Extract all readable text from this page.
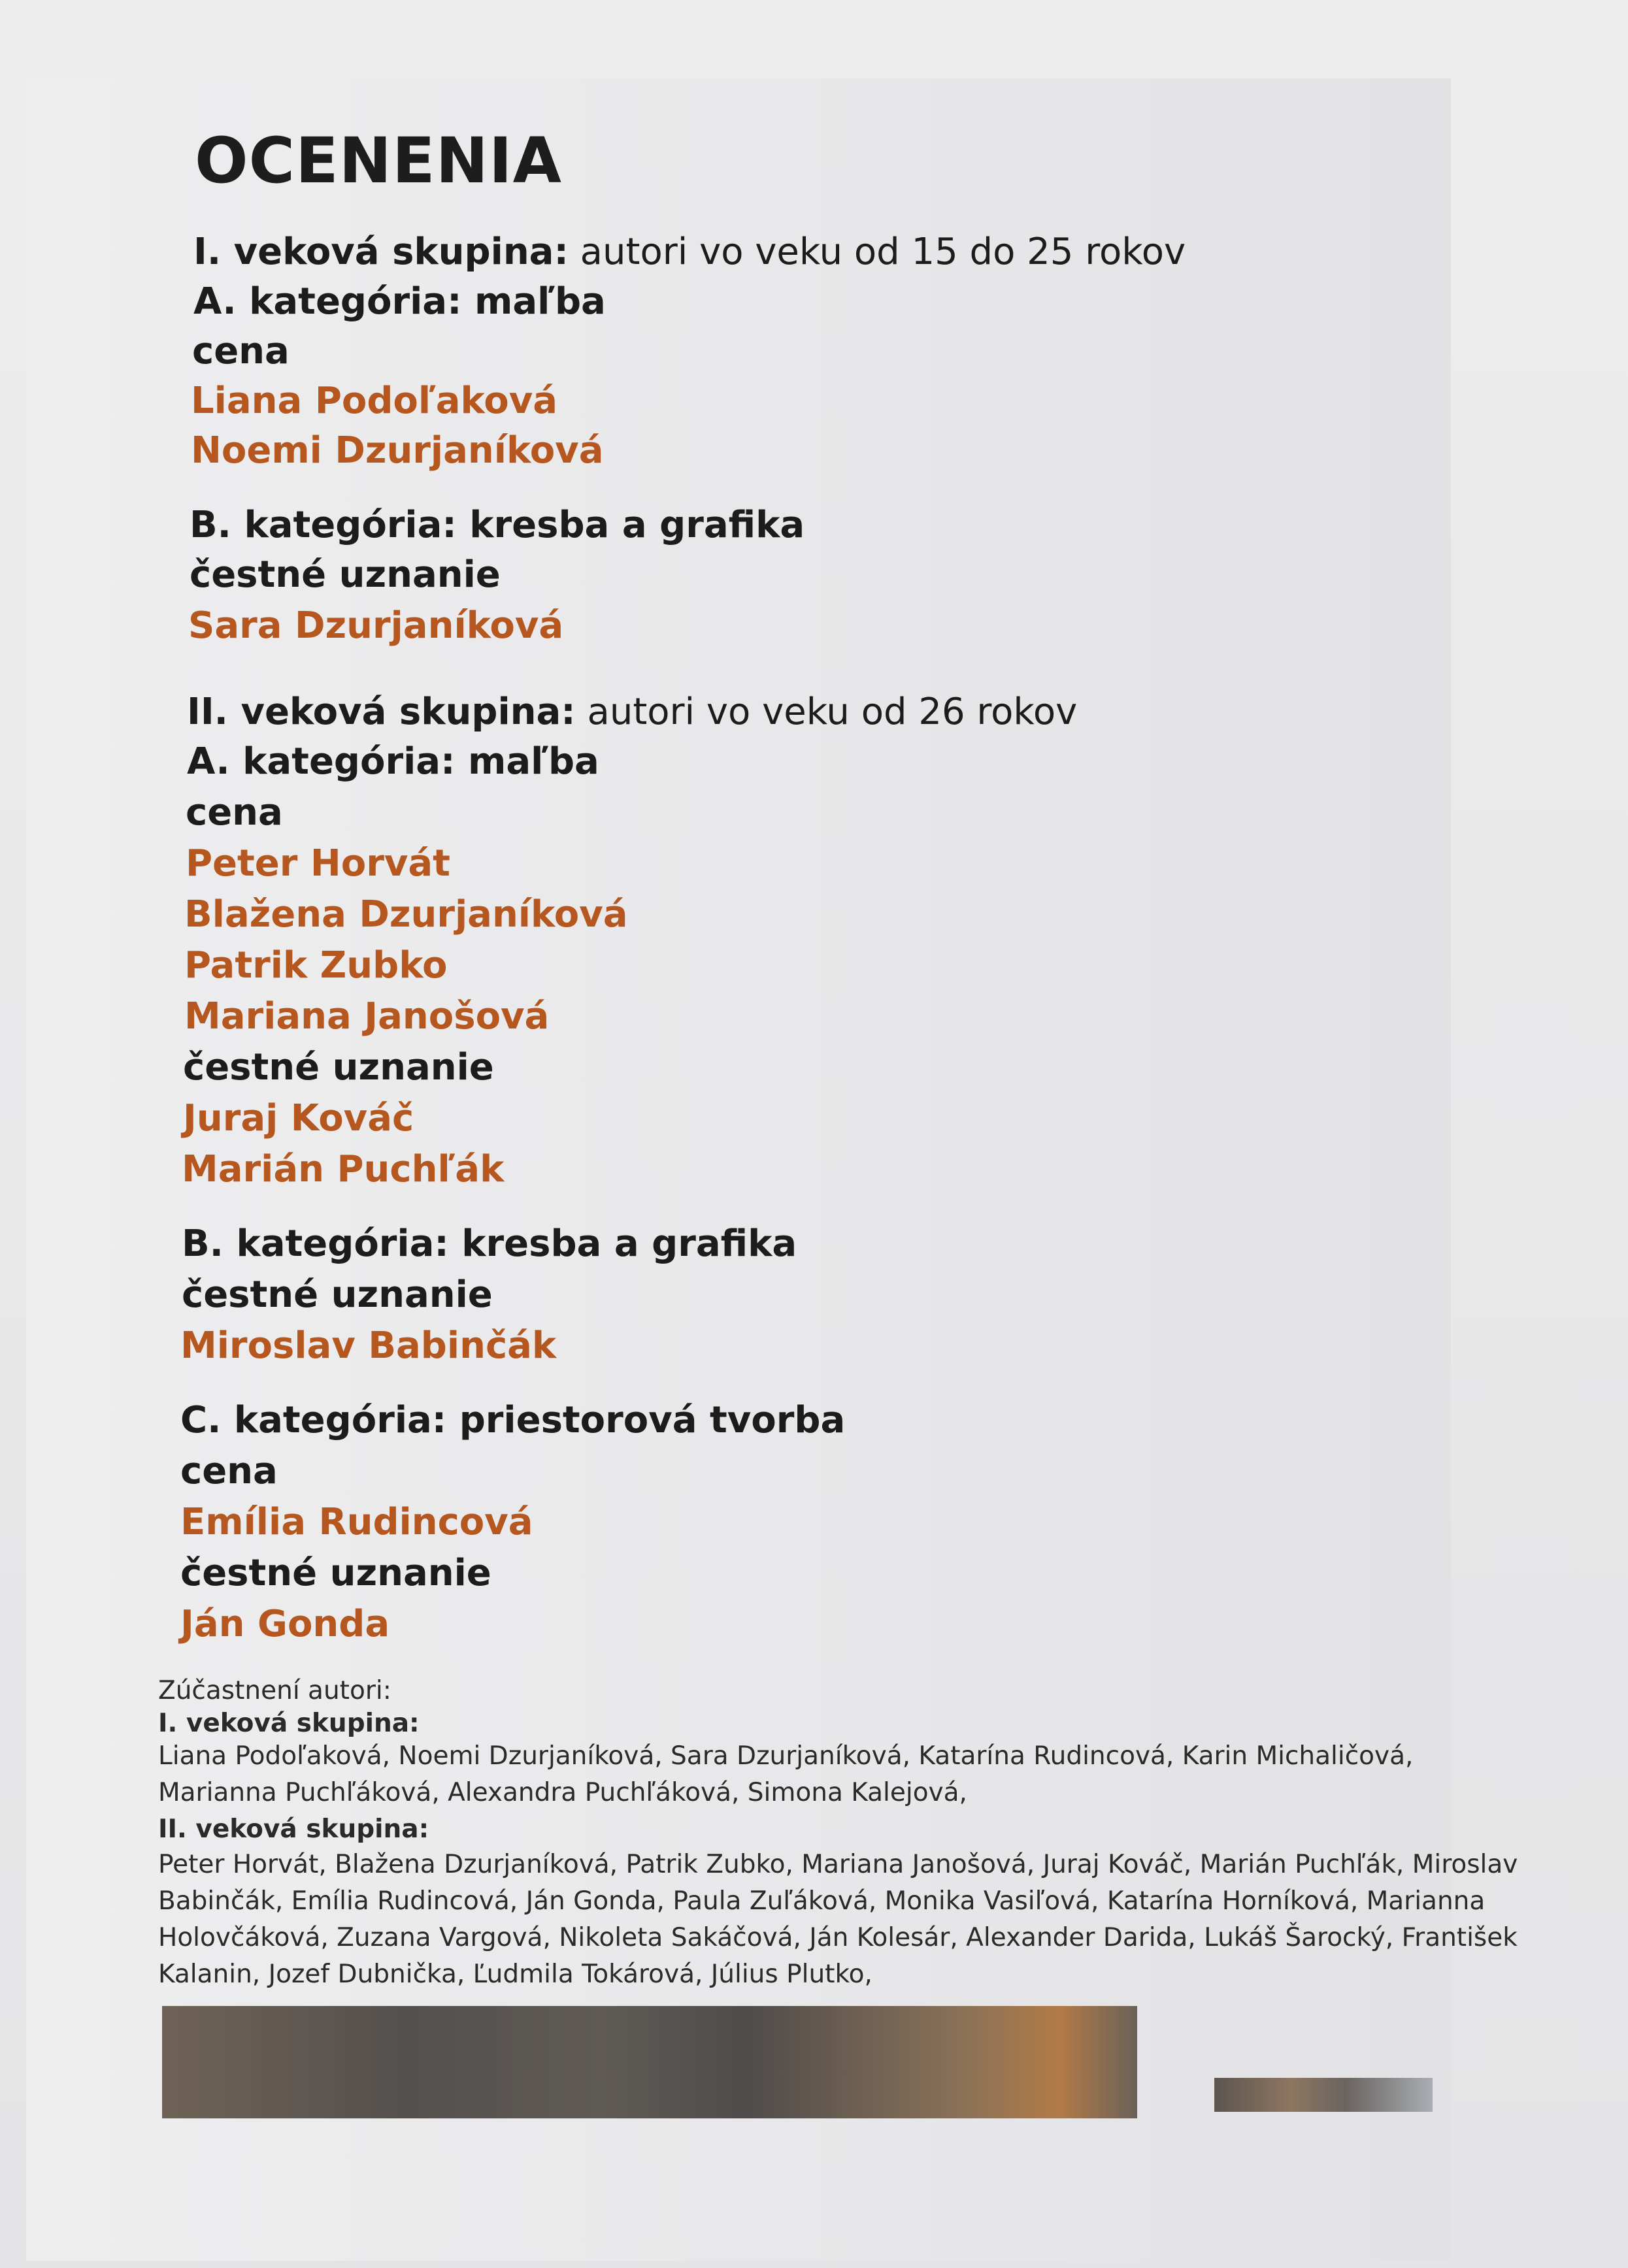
OCENENIA
I. veková skupina: autori vo veku od 15 do 25 rokov
A. kategória: maľba
cena
Liana Podoľaková
Noemi Dzurjaníková
B. kategória: kresba a grafika
čestné uznanie
Sara Dzurjaníková
II. veková skupina: autori vo veku od 26 rokov
A. kategória: maľba
cena
Peter Horvát
Blažena Dzurjaníková
Patrik Zubko
Mariana Janošová
čestné uznanie
Juraj Kováč
Marián Puchľák
B. kategória: kresba a grafika
čestné uznanie
Miroslav Babinčák
C. kategória: priestorová tvorba
cena
Emília Rudincová
čestné uznanie
Ján Gonda
Zúčastnení autori:
I. veková skupina:
Liana Podoľaková, Noemi Dzurjaníková, Sara Dzurjaníková, Katarína Rudincová, Karin Michaličová,
Marianna Puchľáková, Alexandra Puchľáková, Simona Kalejová,
II. veková skupina:
Peter Horvát, Blažena Dzurjaníková, Patrik Zubko, Mariana Janošová, Juraj Kováč, Marián Puchľák, Miroslav
Babinčák, Emília Rudincová, Ján Gonda, Paula Zuľáková, Monika Vasiľová, Katarína Horníková, Marianna
Holovčáková, Zuzana Vargová, Nikoleta Sakáčová, Ján Kolesár, Alexander Darida, Lukáš Šarocký, František
Kalanin, Jozef Dubnička, Ľudmila Tokárová, Július Plutko,
